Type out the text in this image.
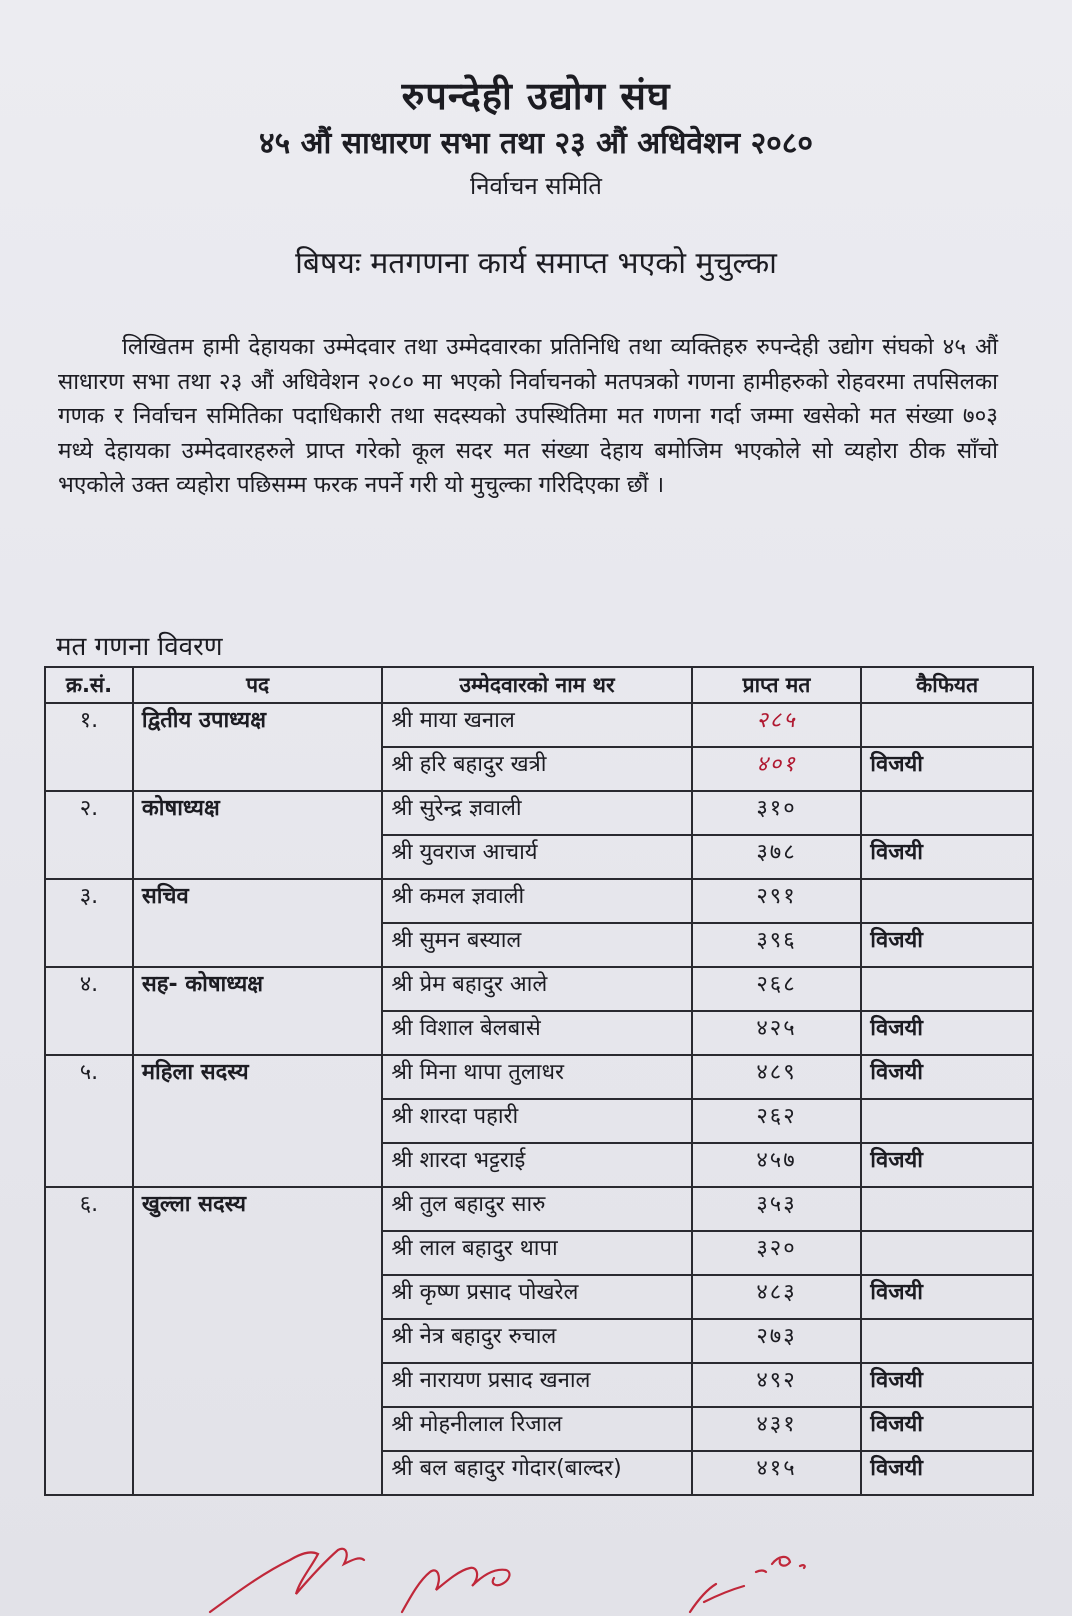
रुपन्देही उद्योग संघ
४५ औं साधारण सभा तथा २३ औं अधिवेशन २०८०
निर्वाचन समिति
बिषयः मतगणना कार्य समाप्त भएको मुचुल्का

लिखितम हामी देहायका उम्मेदवार तथा उम्मेदवारका प्रतिनिधि तथा व्यक्तिहरु रुपन्देही उद्योग संघको ४५ औं साधारण सभा तथा २३ औं अधिवेशन २०८० मा भएको निर्वाचनको मतपत्रको गणना हामीहरुको रोहवरमा तपसिलका गणक र निर्वाचन समितिका पदाधिकारी तथा सदस्यको उपस्थितिमा मत गणना गर्दा जम्मा खसेको मत संख्या ७०३ मध्ये देहायका उम्मेदवारहरुले प्राप्त गरेको कूल सदर मत संख्या देहाय बमोजिम भएकोले सो व्यहोरा ठीक साँचो भएकोले उक्त व्यहोरा पछिसम्म फरक नपर्ने गरी यो मुचुल्का गरिदिएका छौं ।

मत गणना विवरण
क्र.सं.	पद	उम्मेदवारको नाम थर	प्राप्त मत	कैफियत
१.	द्वितीय उपाध्यक्ष	श्री माया खनाल	२८५	
		श्री हरि बहादुर खत्री	४०१	विजयी
२.	कोषाध्यक्ष	श्री सुरेन्द्र ज्ञवाली	३१०	
		श्री युवराज आचार्य	३७८	विजयी
३.	सचिव	श्री कमल ज्ञवाली	२९१	
		श्री सुमन बस्याल	३९६	विजयी
४.	सह- कोषाध्यक्ष	श्री प्रेम बहादुर आले	२६८	
		श्री विशाल बेलबासे	४२५	विजयी
५.	महिला सदस्य	श्री मिना थापा तुलाधर	४८९	विजयी
		श्री शारदा पहारी	२६२	
		श्री शारदा भट्टराई	४५७	विजयी
६.	खुल्ला सदस्य	श्री तुल बहादुर सारु	३५३	
		श्री लाल बहादुर थापा	३२०	
		श्री कृष्ण प्रसाद पोखरेल	४८३	विजयी
		श्री नेत्र बहादुर रुचाल	२७३	
		श्री नारायण प्रसाद खनाल	४९२	विजयी
		श्री मोहनीलाल रिजाल	४३१	विजयी
		श्री बल बहादुर गोदार(बाल्दर)	४१५	विजयी
